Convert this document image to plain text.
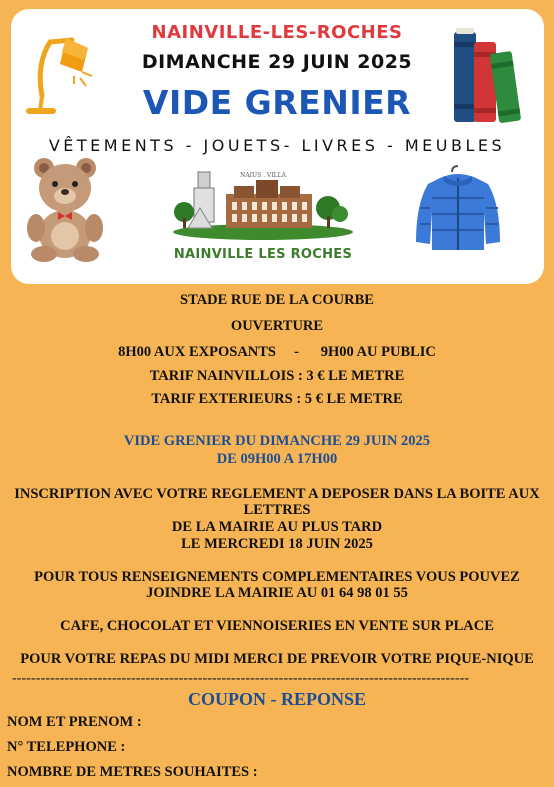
NAINVILLE-LES-ROCHES
DIMANCHE 29 JUIN 2025
VIDE GRENIER
VÊTEMENTS - JOUETS- LIVRES - MEUBLES
NAIUS . VILLA
NAINVILLE LES ROCHES
STADE RUE DE LA COURBE
OUVERTURE
8H00 AUX EXPOSANTS     -      9H00 AU PUBLIC
TARIF NAINVILLOIS : 3 € LE METRE
TARIF EXTERIEURS : 5 € LE METRE
VIDE GRENIER DU DIMANCHE 29 JUIN 2025
DE 09H00 A 17H00
INSCRIPTION AVEC VOTRE REGLEMENT A DEPOSER DANS LA BOITE AUX
LETTRES
DE LA MAIRIE AU PLUS TARD
LE MERCREDI 18 JUIN 2025
POUR TOUS RENSEIGNEMENTS COMPLEMENTAIRES VOUS POUVEZ
JOINDRE LA MAIRIE AU 01 64 98 01 55
CAFE, CHOCOLAT ET VIENNOISERIES EN VENTE SUR PLACE
POUR VOTRE REPAS DU MIDI MERCI DE PREVOIR VOTRE PIQUE-NIQUE
------------------------------------------------------------------------------------------------
COUPON - REPONSE
NOM ET PRENOM :
N° TELEPHONE :
NOMBRE DE METRES SOUHAITES :
